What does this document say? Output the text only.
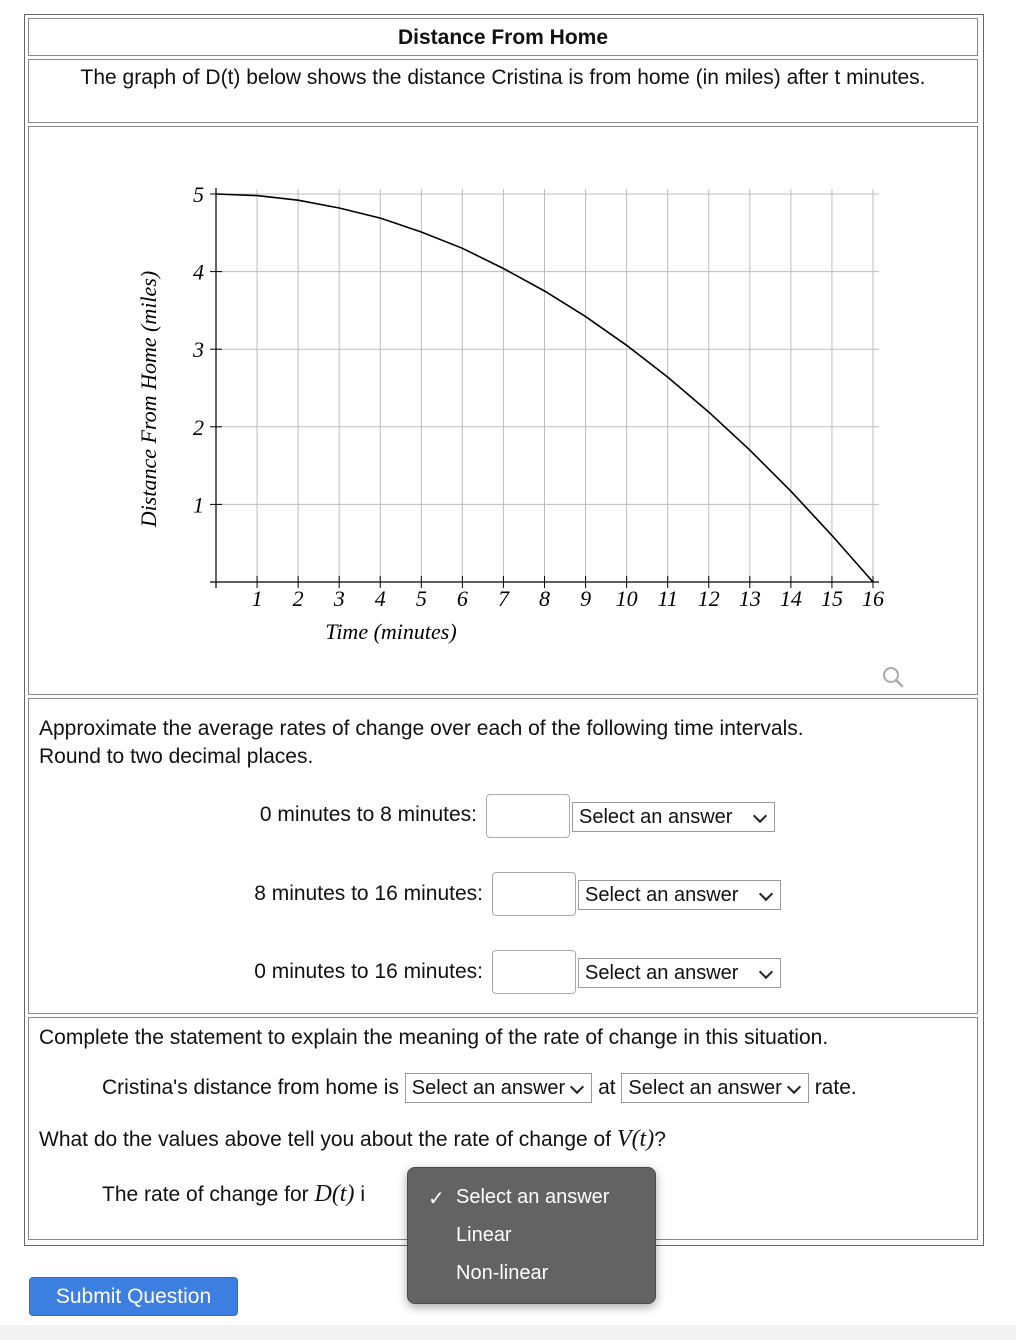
Distance From Home
The graph of D(t) below shows the distance Cristina is from home (in miles) after t minutes.
1 2 3 4 5 6 7 8 9 10 11 12 13 14 15 16
1
2
3
4
5
Time (minutes)
Distance From Home (miles)
Approximate the average rates of change over each of the following time intervals.
Round to two decimal places.
0 minutes to 8 minutes:	Select an answer
8 minutes to 16 minutes:	Select an answer
0 minutes to 16 minutes:	Select an answer
Complete the statement to explain the meaning of the rate of change in this situation.
Cristina's distance from home is Select an answer at Select an answer rate.
What do the values above tell you about the rate of change of V(t)?
The rate of change for D(t) i	✓ Select an answer
Linear
Non-linear
Submit Question
